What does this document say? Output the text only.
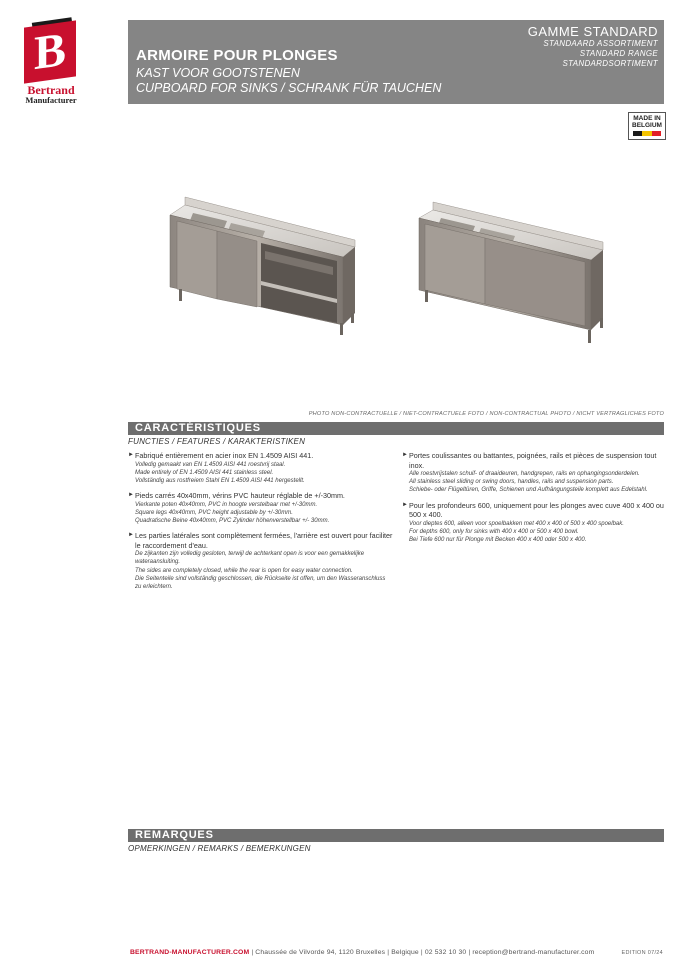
B
Bertrand
Manufacturer
ARMOIRE POUR PLONGES
KAST VOOR GOOTSTENEN
CUPBOARD FOR SINKS / SCHRANK FÜR TAUCHEN
GAMME STANDARD
STANDAARD ASSORTIMENT
STANDARD RANGE
STANDARDSORTIMENT
MADE IN
BELGIUM
PHOTO NON-CONTRACTUELLE / NIET-CONTRACTUELE FOTO / NON-CONTRACTUAL PHOTO / NICHT VERTRAGLICHES FOTO
CARACTÉRISTIQUES
FUNCTIES / FEATURES / KARAKTERISTIKEN
► Fabriqué entièrement en acier inox EN 1.4509 AISI 441.
Volledig gemaakt van EN 1.4509 AISI 441 roestvrij staal.
Made entirely of EN 1.4509 AISI 441 stainless steel.
Vollständig aus rostfreiem Stahl EN 1.4509 AISI 441 hergestellt.
► Pieds carrés 40x40mm, vérins PVC hauteur réglable de +/-30mm.
Vierkante poten 40x40mm, PVC in hoogte verstelbaar met +/-30mm.
Square legs 40x40mm, PVC height adjustable by +/-30mm.
Quadratische Beine 40x40mm, PVC Zylinder höhenverstellbar +/- 30mm.
► Les parties latérales sont complètement fermées, l'arrière est ouvert pour faciliter le raccordement d'eau.
De zijkanten zijn volledig gesloten, terwijl de achterkant open is voor een gemakkelijke wateraansluiting.
The sides are completely closed, while the rear is open for easy water connection.
Die Seitenteile sind vollständig geschlossen, die Rückseite ist offen, um den Wasseranschluss zu erleichtern.
► Portes coulissantes ou battantes, poignées, rails et pièces de suspension tout inox.
Alle roestvrijstalen schuif- of draaideuren, handgrepen, rails en ophangingsonderdelen.
All stainless steel sliding or swing doors, handles, rails and suspension parts.
Schiebe- oder Flügeltüren, Griffe, Schienen und Aufhängungsteile komplett aus Edelstahl.
► Pour les profondeurs 600, uniquement pour les plonges avec cuve 400 x 400 ou 500 x 400.
Voor dieptes 600, alleen voor spoelbakken met 400 x 400 of 500 x 400 spoelbak.
For depths 600, only for sinks with 400 x 400 or 500 x 400 bowl.
Bei Tiefe 600 nur für Plonge mit Becken 400 x 400 oder 500 x 400.
REMARQUES
OPMERKINGEN / REMARKS / BEMERKUNGEN
BERTRAND-MANUFACTURER.COM | Chaussée de Vilvorde 94, 1120 Bruxelles | Belgique | 02 532 10 30 | reception@bertrand-manufacturer.com	EDITION 07/24
